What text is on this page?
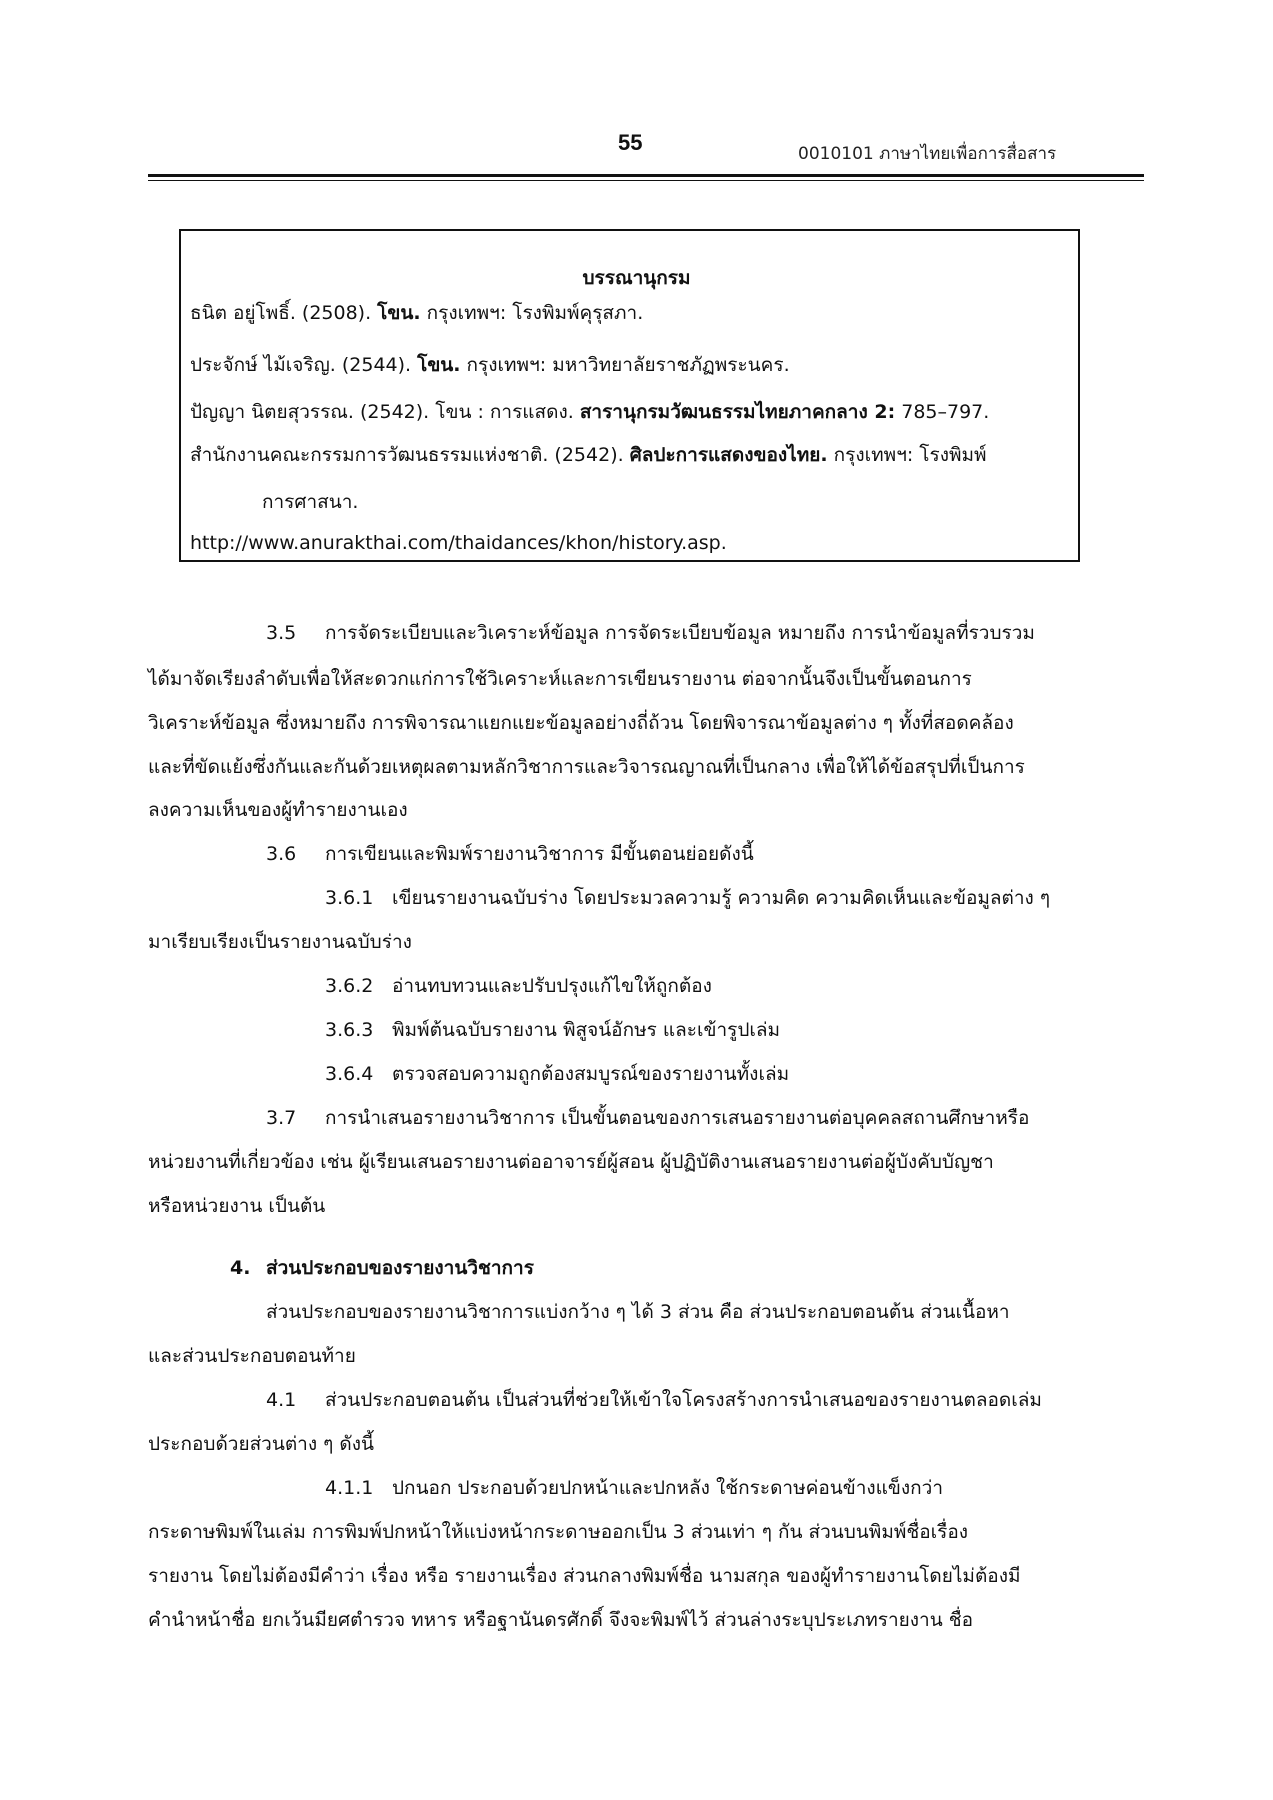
55	0010101 ภาษาไทยเพื่อการสื่อสาร
บรรณานุกรม
ธนิต อยู่โพธิ์. (2508). โขน. กรุงเทพฯ: โรงพิมพ์คุรุสภา.
ประจักษ์ ไม้เจริญ. (2544). โขน. กรุงเทพฯ: มหาวิทยาลัยราชภัฏพระนคร.
ปัญญา นิตยสุวรรณ. (2542). โขน : การแสดง. สารานุกรมวัฒนธรรมไทยภาคกลาง 2: 785–797.
สำนักงานคณะกรรมการวัฒนธรรมแห่งชาติ. (2542). ศิลปะการแสดงของไทย. กรุงเทพฯ: โรงพิมพ์
การศาสนา.
http://www.anurakthai.com/thaidances/khon/history.asp.
3.5 การจัดระเบียบและวิเคราะห์ข้อมูล การจัดระเบียบข้อมูล หมายถึง การนำข้อมูลที่รวบรวม
ได้มาจัดเรียงลำดับเพื่อให้สะดวกแก่การใช้วิเคราะห์และการเขียนรายงาน ต่อจากนั้นจึงเป็นขั้นตอนการ
วิเคราะห์ข้อมูล ซึ่งหมายถึง การพิจารณาแยกแยะข้อมูลอย่างถี่ถ้วน โดยพิจารณาข้อมูลต่าง ๆ ทั้งที่สอดคล้อง
และที่ขัดแย้งซึ่งกันและกันด้วยเหตุผลตามหลักวิชาการและวิจารณญาณที่เป็นกลาง เพื่อให้ได้ข้อสรุปที่เป็นการ
ลงความเห็นของผู้ทำรายงานเอง
3.6 การเขียนและพิมพ์รายงานวิชาการ มีขั้นตอนย่อยดังนี้
3.6.1 เขียนรายงานฉบับร่าง โดยประมวลความรู้ ความคิด ความคิดเห็นและข้อมูลต่าง ๆ
มาเรียบเรียงเป็นรายงานฉบับร่าง
3.6.2 อ่านทบทวนและปรับปรุงแก้ไขให้ถูกต้อง
3.6.3 พิมพ์ต้นฉบับรายงาน พิสูจน์อักษร และเข้ารูปเล่ม
3.6.4 ตรวจสอบความถูกต้องสมบูรณ์ของรายงานทั้งเล่ม
3.7 การนำเสนอรายงานวิชาการ เป็นขั้นตอนของการเสนอรายงานต่อบุคคลสถานศึกษาหรือ
หน่วยงานที่เกี่ยวข้อง เช่น ผู้เรียนเสนอรายงานต่ออาจารย์ผู้สอน ผู้ปฏิบัติงานเสนอรายงานต่อผู้บังคับบัญชา
หรือหน่วยงาน เป็นต้น
4. ส่วนประกอบของรายงานวิชาการ
ส่วนประกอบของรายงานวิชาการแบ่งกว้าง ๆ ได้ 3 ส่วน คือ ส่วนประกอบตอนต้น ส่วนเนื้อหา
และส่วนประกอบตอนท้าย
4.1 ส่วนประกอบตอนต้น เป็นส่วนที่ช่วยให้เข้าใจโครงสร้างการนำเสนอของรายงานตลอดเล่ม
ประกอบด้วยส่วนต่าง ๆ ดังนี้
4.1.1 ปกนอก ประกอบด้วยปกหน้าและปกหลัง ใช้กระดาษค่อนข้างแข็งกว่า
กระดาษพิมพ์ในเล่ม การพิมพ์ปกหน้าให้แบ่งหน้ากระดาษออกเป็น 3 ส่วนเท่า ๆ กัน ส่วนบนพิมพ์ชื่อเรื่อง
รายงาน โดยไม่ต้องมีคำว่า เรื่อง หรือ รายงานเรื่อง ส่วนกลางพิมพ์ชื่อ นามสกุล ของผู้ทำรายงานโดยไม่ต้องมี
คำนำหน้าชื่อ ยกเว้นมียศตำรวจ ทหาร หรือฐานันดรศักดิ์ จึงจะพิมพ์ไว้ ส่วนล่างระบุประเภทรายงาน ชื่อ
